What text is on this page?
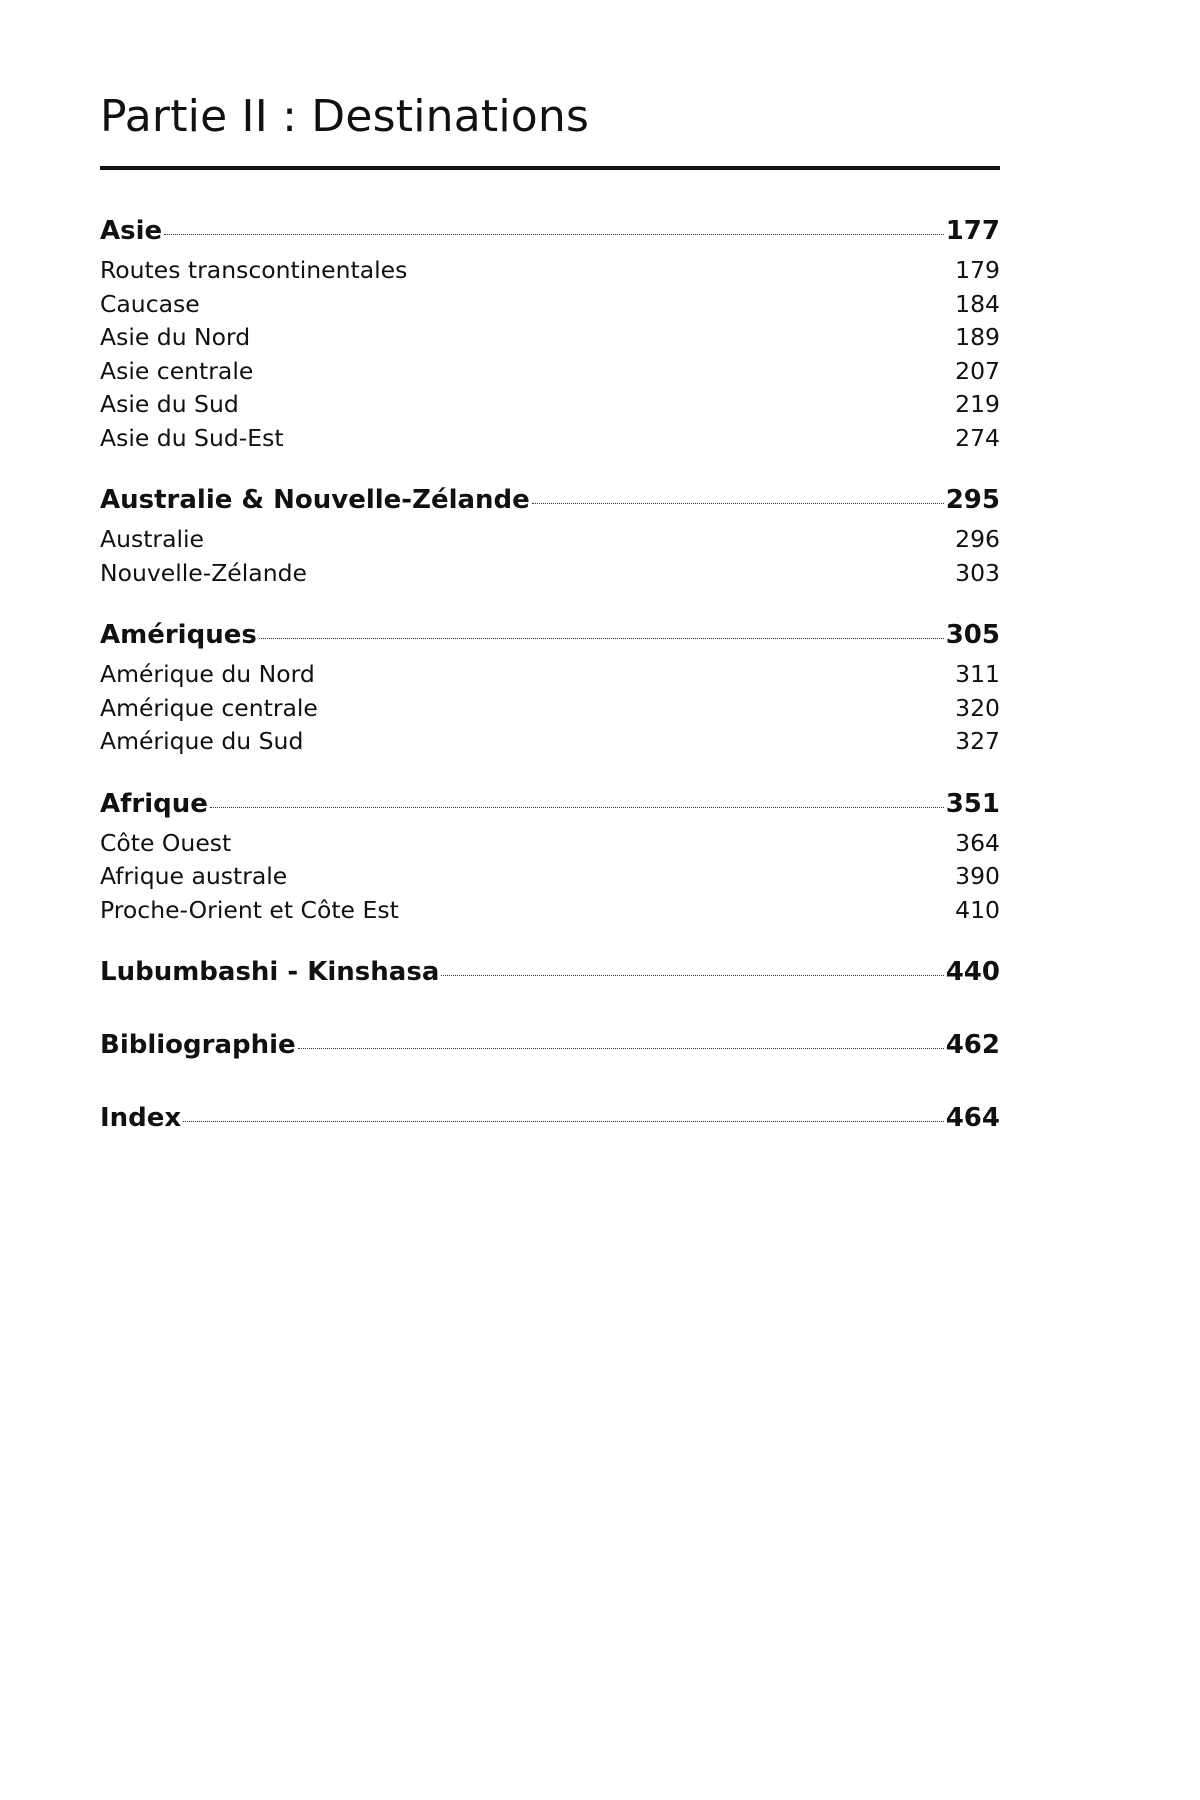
Partie II : Destinations
Asie	177
Routes transcontinentales	179
Caucase	184
Asie du Nord	189
Asie centrale	207
Asie du Sud	219
Asie du Sud-Est	274
Australie & Nouvelle-Zélande	295
Australie	296
Nouvelle-Zélande	303
Amériques	305
Amérique du Nord	311
Amérique centrale	320
Amérique du Sud	327
Afrique	351
Côte Ouest	364
Afrique australe	390
Proche-Orient et Côte Est	410
Lubumbashi - Kinshasa	440
Bibliographie	462
Index	464
